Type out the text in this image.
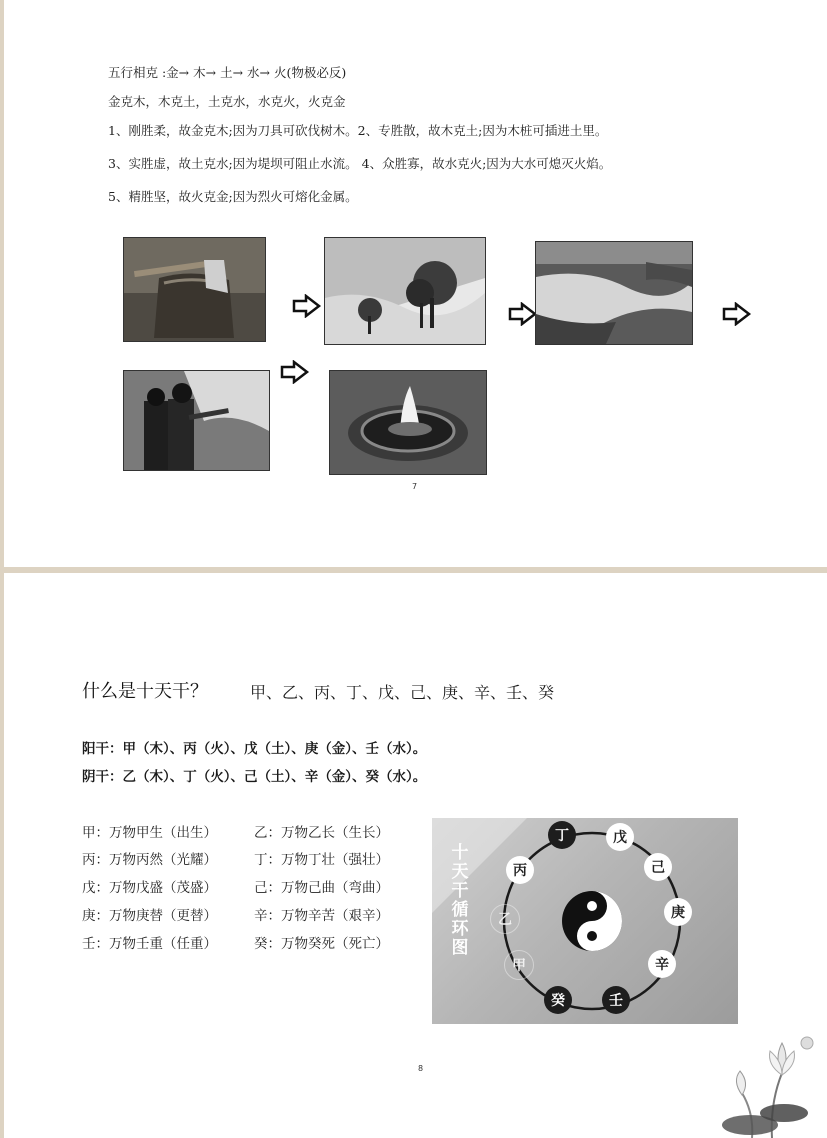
五行相克 :金→ 木→ 土→ 水→ 火(物极必反)
金克木，木克土，土克水，水克火，火克金
1、刚胜柔，故金克木;因为刀具可砍伐树木。2、专胜散，故木克土;因为木桩可插进土里。
3、实胜虚，故土克水;因为堤坝可阻止水流。 4、众胜寡，故水克火;因为大水可熄灭火焰。
5、精胜坚，故火克金;因为烈火可熔化金属。
7
什么是十天干？	甲、乙、丙、丁、戊、己、庚、辛、壬、癸
阳干：甲（木）、丙（火）、戊（土）、庚（金）、壬（水）。
阴干：乙（木）、丁（火）、己（土）、辛（金）、癸（水）。
甲：万物甲生（出生）	乙：万物乙长（生长）
丙：万物丙然（光耀）	丁：万物丁壮（强壮）
戊：万物戊盛（茂盛）	己：万物己曲（弯曲）
庚：万物庚替（更替）	辛：万物辛苦（艰辛）
壬：万物壬重（任重）	癸：万物癸死（死亡）
十天干循环图
丁	戊
己
庚
辛
壬
癸
甲
乙
丙
8
